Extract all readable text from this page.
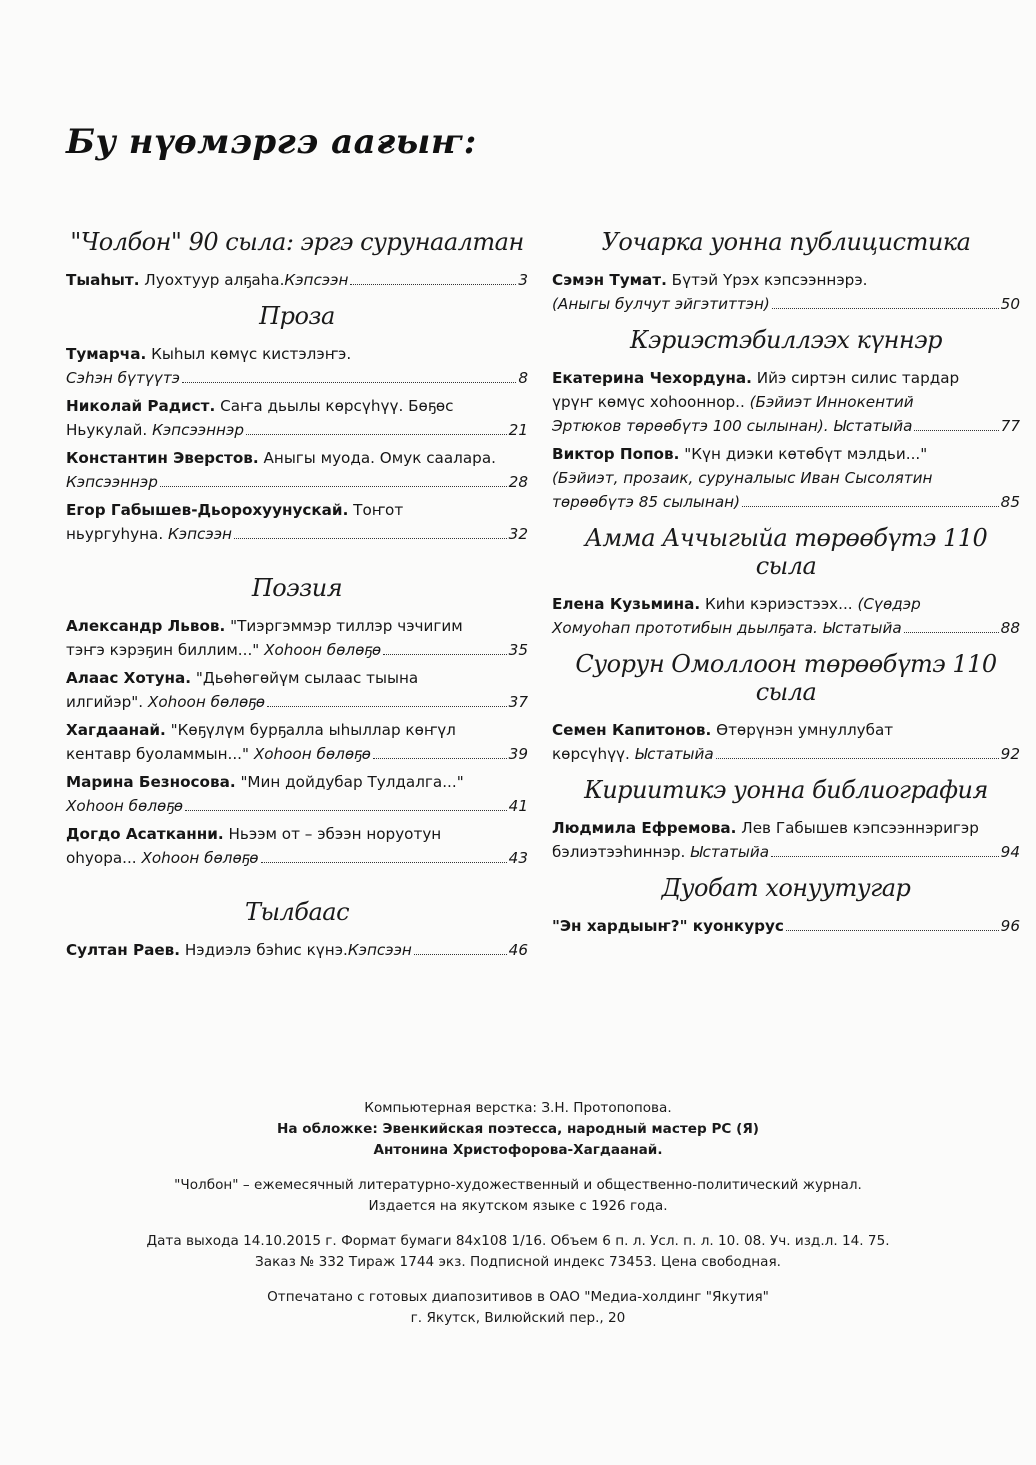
Бу нүөмэргэ аағыҥ:
"Чолбон" 90 сыла: эргэ сурунаалтан
Тыаһыт. Луохтуур алҕаһа. Кэпсээн	3
Проза
Тумарча. Кыһыл көмүс кистэлэҥэ.
Сэһэн бүтүүтэ	8
Николай Радист. Саҥа дьылы көрсүһүү. Бөҕөс
Ньукулай.
Кэпсээннэр	21
Константин Эверстов. Аныгы муода. Омук саалара.
Кэпсээннэр	28
Егор Габышев-Дьорохуунускай. Тоҥот
ньургуһуна.
Кэпсээн	32
Поэзия
Александр Львов. "Тиэргэммэр тиллэр чэчигим
тэҥэ кэрэҕин биллим..."
Хоһоон бөлөҕө	35
Алаас Хотуна. "Дьөһөгөйүм сылаас тыына
илгийэр".
Хоһоон бөлөҕө	37
Хагдаанай. "Көҕүлүм бурҕалла ыһыллар көҥүл
кентавр буоламмын..."
Хоһоон бөлөҕө	39
Марина Безносова. "Мин дойдубар Тулдалга..."
Хоһоон бөлөҕө	41
Догдо Асатканни. Ньээм от – эбээн норуотун
оһуора...
Хоһоон бөлөҕө	43
Тылбаас
Султан Раев. Нэдиэлэ бэһис күнэ. Кэпсээн	46
Уочаркa уонна публицистика
Сэмэн Тумат. Бүтэй Үрэх кэпсээннэрэ.
(Аныгы булчут эйгэтиттэн)	50
Кэриэстэбиллээх күннэр
Екатерина Чехордуна. Ийэ сиртэн силис тардар
үрүҥ көмүс хоһооннор.. (Бэйиэт Иннокентий
Эртюков төрөөбүтэ 100 сылынан). Ыстатыйа	77
Виктор Попов. "Күн диэки көтөбүт мэлдьи..."
(Бэйиэт, прозаик, суруналыыс Иван Сысолятин
төрөөбүтэ 85 сылынан)	85
Амма Аччыгыйа төрөөбүтэ 110 сыла
Елена Кузьмина. Киһи кэриэстээх... (Сүөдэр
Хомуоһап прототибын дьылҕата. Ыстатыйа	88
Суорун Омоллоон төрөөбүтэ 110 сыла
Семен Капитонов. Өтөрүнэн умнуллубат
көрсүһүү.
Ыстатыйа	92
Кириитикэ уонна библиография
Людмила Ефремова. Лев Габышев кэпсээннэригэр
бэлиэтээһиннэр.
Ыстатыйа	94
Дуобат хонуутугар
"Эн хардыыҥ?" куонкурус	96
Компьютерная верстка: З.Н. Протопопова.
На обложке: Эвенкийская поэтесса, народный мастер РС (Я)
Антонина Христофорова-Хагдаанай.
"Чолбон" – ежемесячный литературно-художественный и общественно-политический журнал.
Издается на якутском языке с 1926 года.
Дата выхода 14.10.2015 г. Формат бумаги 84x108 1/16. Объем 6 п. л. Усл. п. л. 10. 08. Уч. изд.л. 14. 75.
Заказ № 332 Тираж 1744 экз. Подписной индекс 73453. Цена свободная.
Отпечатано с готовых диапозитивов в ОАО "Медиа-холдинг "Якутия"
г. Якутск, Вилюйский пер., 20
